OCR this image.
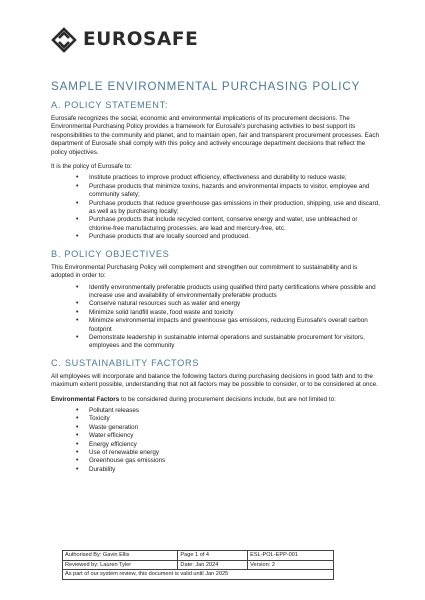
EUROSAFE
SAMPLE ENVIRONMENTAL PURCHASING POLICY
A. POLICY STATEMENT:

Eurosafe recognizes the social, economic and environmental implications of its procurement decisions. The Environmental Purchasing Policy provides a framework for Eurosafe's purchasing activities to best support its responsibilities to the community and planet, and to maintain open, fair and transparent procurement processes. Each department of Eurosafe shall comply with this policy and actively encourage department decisions that reflect the policy objectives.

It is the policy of Eurosafe to:

• Institute practices to improve product efficiency, effectiveness and durability to reduce waste;
• Purchase products that minimize toxins, hazards and environmental impacts to visitor, employee and community safety;
• Purchase products that reduce greenhouse gas emissions in their production, shipping, use and discard, as well as by purchasing locally;
• Purchase products that include recycled content, conserve energy and water, use unbleached or chlorine-free manufacturing processes, are lead and mercury-free, etc.
• Purchase products that are locally sourced and produced.
B. POLICY OBJECTIVES

This Environmental Purchasing Policy will complement and strengthen our commitment to sustainability and is adopted in order to:

• Identify environmentally preferable products using qualified third party certifications where possible and increase use and availability of environmentally preferable products
• Conserve natural resources such as water and energy
• Minimize solid landfill waste, food waste and toxicity
• Minimize environmental impacts and greenhouse gas emissions, reducing Eurosafe's overall carbon footprint
• Demonstrate leadership in sustainable internal operations and sustainable procurement for visitors, employees and the community
C. SUSTAINABILITY FACTORS

All employees will incorporate and balance the following factors during purchasing decisions in good faith and to the maximum extent possible, understanding that not all factors may be possible to consider, or to be considered at once.

Environmental Factors to be considered during procurement decisions include, but are not limited to:

• Pollutant releases
• Toxicity
• Waste generation
• Water efficiency
• Energy efficiency
• Use of renewable energy
• Greenhouse gas emissions
• Durability
Authorised By: Gavin Ellis	Page 1 of 4	ESL-POL-EPP-001
Reviewed by: Lauren Tyler	Date: Jan 2024	Version: 2
As part of our system review, this document is valid until Jan 2025		
